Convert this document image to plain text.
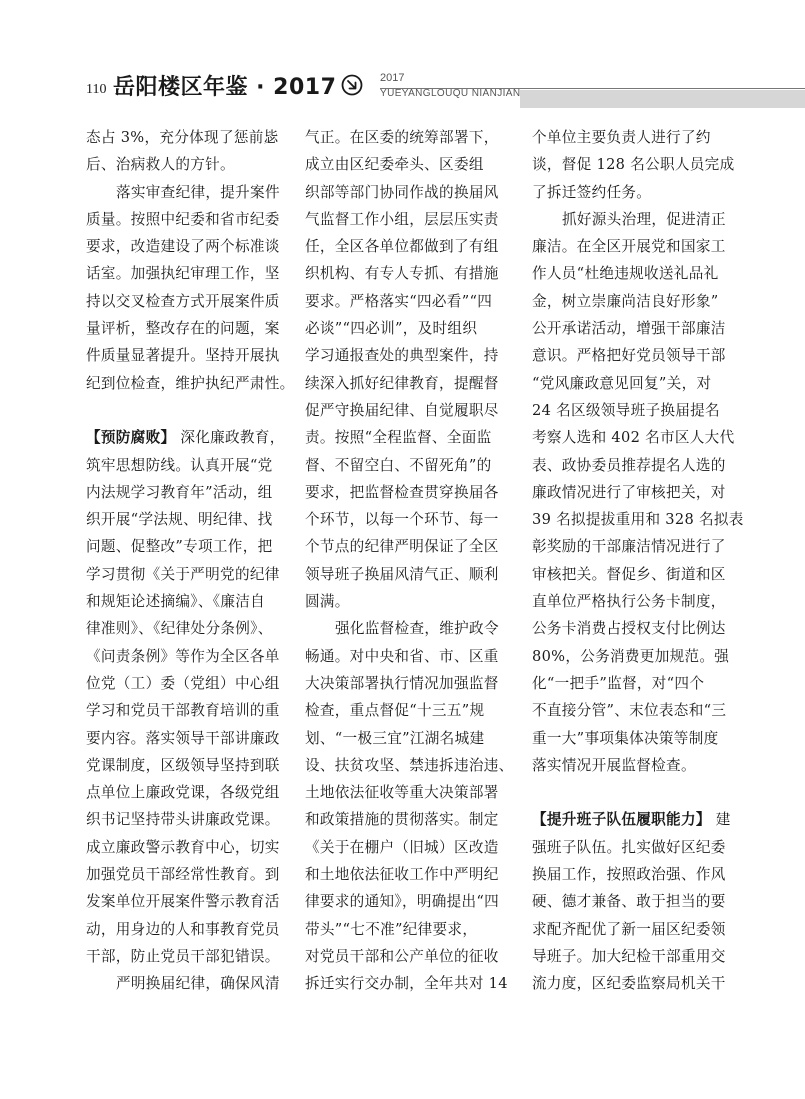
110 岳阳楼区年鉴 · 2017	2017
YUEYANGLOUQU NIANJIAN
态占 3%，充分体现了惩前毖
后、治病救人的方针。
落实审查纪律，提升案件
质量。按照中纪委和省市纪委
要求，改造建设了两个标准谈
话室。加强执纪审理工作，坚
持以交叉检查方式开展案件质
量评析，整改存在的问题，案
件质量显著提升。坚持开展执
纪到位检查，维护执纪严肃性。
【预防腐败】 深化廉政教育，
筑牢思想防线。认真开展“党
内法规学习教育年”活动，组
织开展“学法规、明纪律、找
问题、促整改”专项工作，把
学习贯彻《关于严明党的纪律
和规矩论述摘编》、《廉洁自
律准则》、《纪律处分条例》、
《问责条例》等作为全区各单
位党（工）委（党组）中心组
学习和党员干部教育培训的重
要内容。落实领导干部讲廉政
党课制度，区级领导坚持到联
点单位上廉政党课，各级党组
织书记坚持带头讲廉政党课。
成立廉政警示教育中心，切实
加强党员干部经常性教育。到
发案单位开展案件警示教育活
动，用身边的人和事教育党员
干部，防止党员干部犯错误。
严明换届纪律，确保风清
气正。在区委的统筹部署下，
成立由区纪委牵头、区委组
织部等部门协同作战的换届风
气监督工作小组，层层压实责
任，全区各单位都做到了有组
织机构、有专人专抓、有措施
要求。严格落实“四必看”“四
必谈”“四必训”，及时组织
学习通报查处的典型案件，持
续深入抓好纪律教育，提醒督
促严守换届纪律、自觉履职尽
责。按照“全程监督、全面监
督、不留空白、不留死角”的
要求，把监督检查贯穿换届各
个环节，以每一个环节、每一
个节点的纪律严明保证了全区
领导班子换届风清气正、顺利
圆满。
强化监督检查，维护政令
畅通。对中央和省、市、区重
大决策部署执行情况加强监督
检查，重点督促“十三五”规
划、“一极三宜”江湖名城建
设、扶贫攻坚、禁违拆违治违、
土地依法征收等重大决策部署
和政策措施的贯彻落实。制定
《关于在棚户（旧城）区改造
和土地依法征收工作中严明纪
律要求的通知》，明确提出“四
带头”“七不准”纪律要求，
对党员干部和公产单位的征收
拆迁实行交办制，全年共对 14
个单位主要负责人进行了约
谈，督促 128 名公职人员完成
了拆迁签约任务。
抓好源头治理，促进清正
廉洁。在全区开展党和国家工
作人员“杜绝违规收送礼品礼
金，树立崇廉尚洁良好形象”
公开承诺活动，增强干部廉洁
意识。严格把好党员领导干部
“党风廉政意见回复”关，对
24 名区级领导班子换届提名
考察人选和 402 名市区人大代
表、政协委员推荐提名人选的
廉政情况进行了审核把关，对
39 名拟提拔重用和 328 名拟表
彰奖励的干部廉洁情况进行了
审核把关。督促乡、街道和区
直单位严格执行公务卡制度，
公务卡消费占授权支付比例达
80%，公务消费更加规范。强
化“一把手”监督，对“四个
不直接分管”、末位表态和“三
重一大”事项集体决策等制度
落实情况开展监督检查。
【提升班子队伍履职能力】 建
强班子队伍。扎实做好区纪委
换届工作，按照政治强、作风
硬、德才兼备、敢于担当的要
求配齐配优了新一届区纪委领
导班子。加大纪检干部重用交
流力度，区纪委监察局机关干
